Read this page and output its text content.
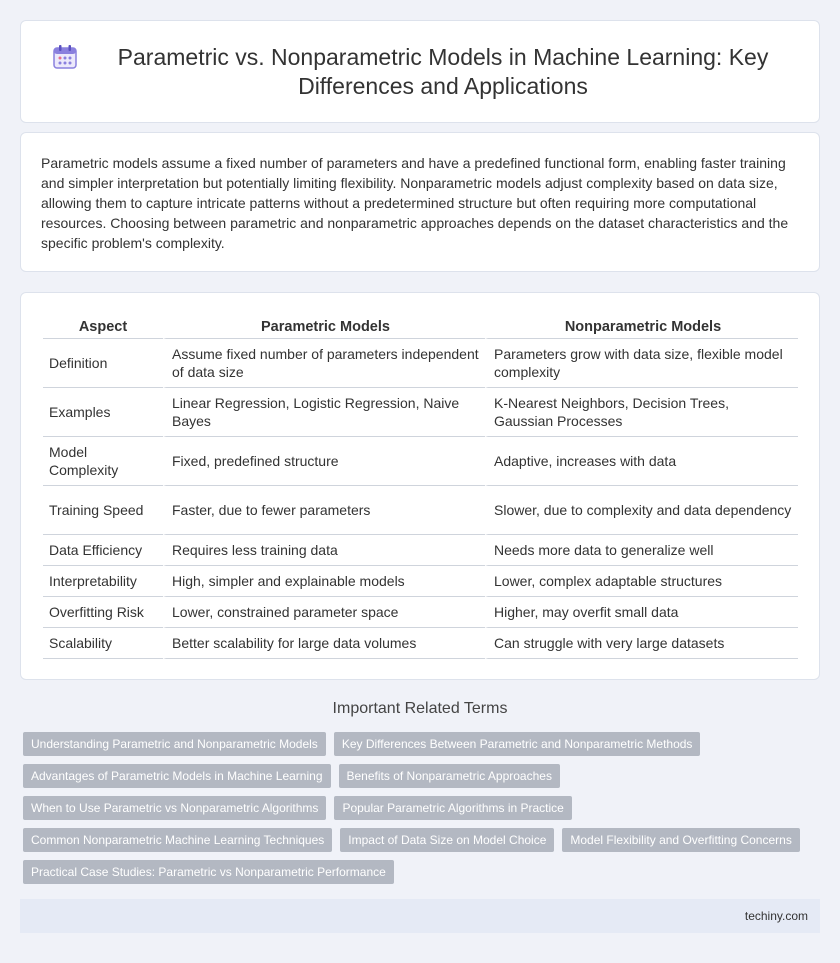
Parametric vs. Nonparametric Models in Machine Learning: Key Differences and Applications

Parametric models assume a fixed number of parameters and have a predefined functional form, enabling faster training and simpler interpretation but potentially limiting flexibility. Nonparametric models adjust complexity based on data size, allowing them to capture intricate patterns without a predetermined structure but often requiring more computational resources. Choosing between parametric and nonparametric approaches depends on the dataset characteristics and the specific problem's complexity.

Aspect	Parametric Models	Nonparametric Models
Definition	Assume fixed number of parameters independent of data size	Parameters grow with data size, flexible model complexity
Examples	Linear Regression, Logistic Regression, Naive Bayes	K-Nearest Neighbors, Decision Trees, Gaussian Processes
Model Complexity	Fixed, predefined structure	Adaptive, increases with data
Training Speed	Faster, due to fewer parameters	Slower, due to complexity and data dependency
Data Efficiency	Requires less training data	Needs more data to generalize well
Interpretability	High, simpler and explainable models	Lower, complex adaptable structures
Overfitting Risk	Lower, constrained parameter space	Higher, may overfit small data
Scalability	Better scalability for large data volumes	Can struggle with very large datasets
Important Related Terms
Understanding Parametric and Nonparametric Models	Key Differences Between Parametric and Nonparametric Methods
Advantages of Parametric Models in Machine Learning	Benefits of Nonparametric Approaches
When to Use Parametric vs Nonparametric Algorithms	Popular Parametric Algorithms in Practice
Common Nonparametric Machine Learning Techniques	Impact of Data Size on Model Choice	Model Flexibility and Overfitting Concerns
Practical Case Studies: Parametric vs Nonparametric Performance
techiny.com
